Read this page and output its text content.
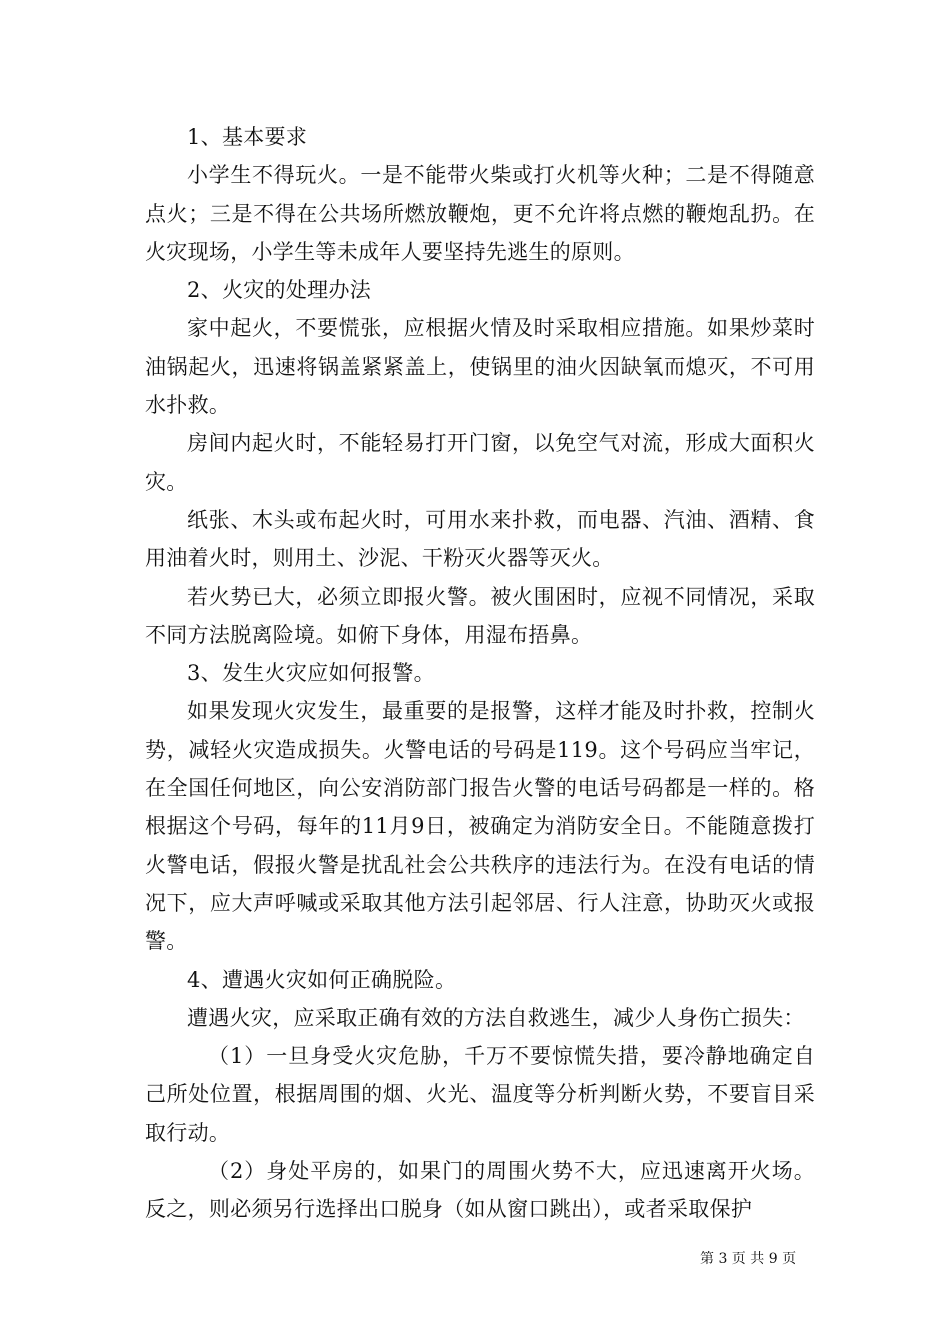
1、基本要求

小学生不得玩火。一是不能带火柴或打火机等火种；二是不得随意点火；三是不得在公共场所燃放鞭炮，更不允许将点燃的鞭炮乱扔。在火灾现场，小学生等未成年人要坚持先逃生的原则。

2、火灾的处理办法

家中起火，不要慌张，应根据火情及时采取相应措施。如果炒菜时油锅起火，迅速将锅盖紧紧盖上，使锅里的油火因缺氧而熄灭，不可用水扑救。

房间内起火时，不能轻易打开门窗，以免空气对流，形成大面积火灾。

纸张、木头或布起火时，可用水来扑救，而电器、汽油、酒精、食用油着火时，则用土、沙泥、干粉灭火器等灭火。

若火势已大，必须立即报火警。被火围困时，应视不同情况，采取不同方法脱离险境。如俯下身体，用湿布捂鼻。

3、发生火灾应如何报警。

如果发现火灾发生，最重要的是报警，这样才能及时扑救，控制火势，减轻火灾造成损失。火警电话的号码是119。这个号码应当牢记，在全国任何地区，向公安消防部门报告火警的电话号码都是一样的。格根据这个号码，每年的11月9日，被确定为消防安全日。不能随意拨打火警电话，假报火警是扰乱社会公共秩序的违法行为。在没有电话的情况下，应大声呼喊或采取其他方法引起邻居、行人注意，协助灭火或报警。

4、遭遇火灾如何正确脱险。

遭遇火灾，应采取正确有效的方法自救逃生，减少人身伤亡损失：

（1）一旦身受火灾危胁，千万不要惊慌失措，要冷静地确定自己所处位置，根据周围的烟、火光、温度等分析判断火势，不要盲目采取行动。

（2）身处平房的，如果门的周围火势不大，应迅速离开火场。反之，则必须另行选择出口脱身（如从窗口跳出），或者采取保护

第 3 页 共 9 页
